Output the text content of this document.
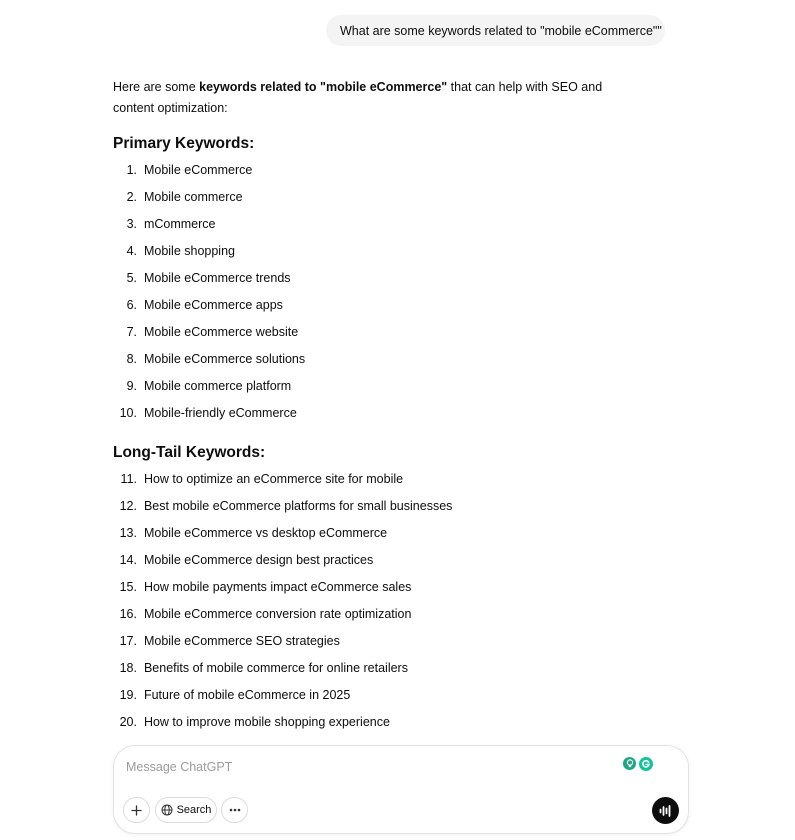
What are some keywords related to "mobile eCommerce""

Here are some keywords related to "mobile eCommerce" that can help with SEO and content optimization:

Primary Keywords:
1.
Mobile eCommerce
2.
Mobile commerce
3.
mCommerce
4.
Mobile shopping
5.
Mobile eCommerce trends
6.
Mobile eCommerce apps
7.
Mobile eCommerce website
8.
Mobile eCommerce solutions
9.
Mobile commerce platform
10.
Mobile-friendly eCommerce
Long-Tail Keywords:
11.
How to optimize an eCommerce site for mobile
12.
Best mobile eCommerce platforms for small businesses
13.
Mobile eCommerce vs desktop eCommerce
14.
Mobile eCommerce design best practices
15.
How mobile payments impact eCommerce sales
16.
Mobile eCommerce conversion rate optimization
17.
Mobile eCommerce SEO strategies
18.
Benefits of mobile commerce for online retailers
19.
Future of mobile eCommerce in 2025
20.
How to improve mobile shopping experience
Message ChatGPT
Search
